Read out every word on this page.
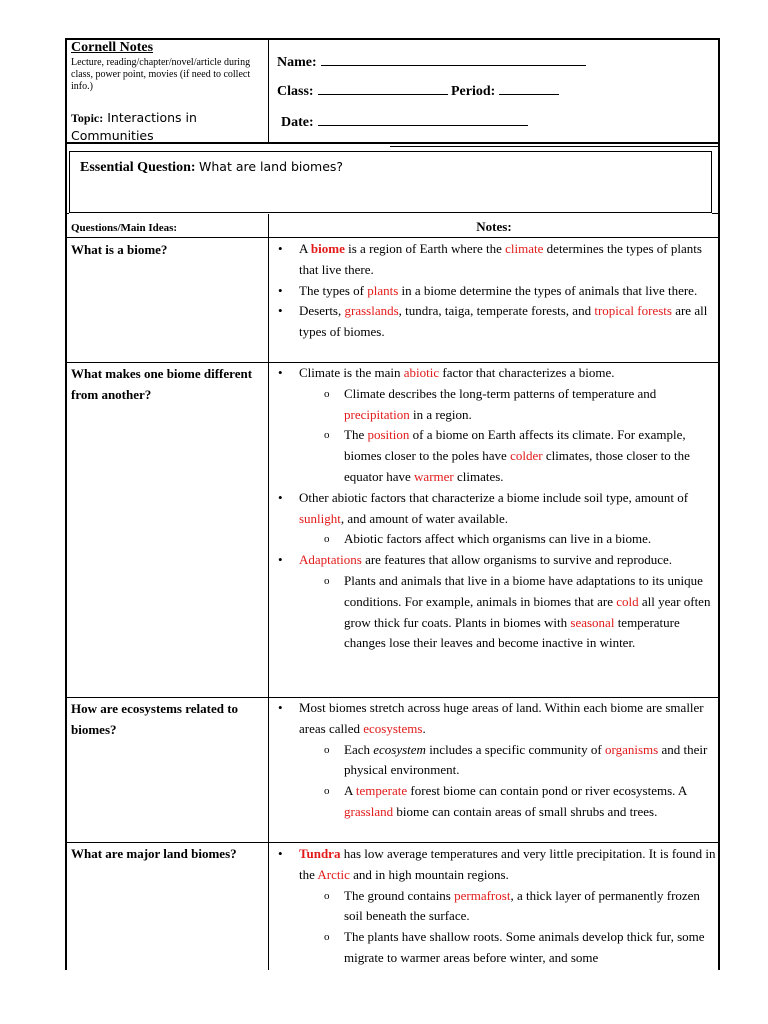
Cornell Notes
Lecture, reading/chapter/novel/article during class, power point, movies (if need to collect info.)
Topic: Interactions in Communities
Name:
Class:	Period:
Date:
Essential Question: What are land biomes?
Questions/Main Ideas:	Notes:
What is a biome?
What makes one biome different from another?
How are ecosystems related to biomes?
What are major land biomes?
• A biome is a region of Earth where the climate determines the types of plants that live there.
• The types of plants in a biome determine the types of animals that live there.
• Deserts, grasslands, tundra, taiga, temperate forests, and tropical forests are all types of biomes.
• Climate is the main abiotic factor that characterizes a biome.
o Climate describes the long-term patterns of temperature and precipitation in a region.
o The position of a biome on Earth affects its climate. For example, biomes closer to the poles have colder climates, those closer to the equator have warmer climates.
• Other abiotic factors that characterize a biome include soil type, amount of sunlight, and amount of water available.
o Abiotic factors affect which organisms can live in a biome.
• Adaptations are features that allow organisms to survive and reproduce.
o Plants and animals that live in a biome have adaptations to its unique conditions. For example, animals in biomes that are cold all year often grow thick fur coats. Plants in biomes with seasonal temperature changes lose their leaves and become inactive in winter.
• Most biomes stretch across huge areas of land. Within each biome are smaller areas called ecosystems.
o Each ecosystem includes a specific community of organisms and their physical environment.
o A temperate forest biome can contain pond or river ecosystems. A grassland biome can contain areas of small shrubs and trees.
• Tundra has low average temperatures and very little precipitation. It is found in the Arctic and in high mountain regions.
o The ground contains permafrost, a thick layer of permanently frozen soil beneath the surface.
o The plants have shallow roots. Some animals develop thick fur, some migrate to warmer areas before winter, and some
